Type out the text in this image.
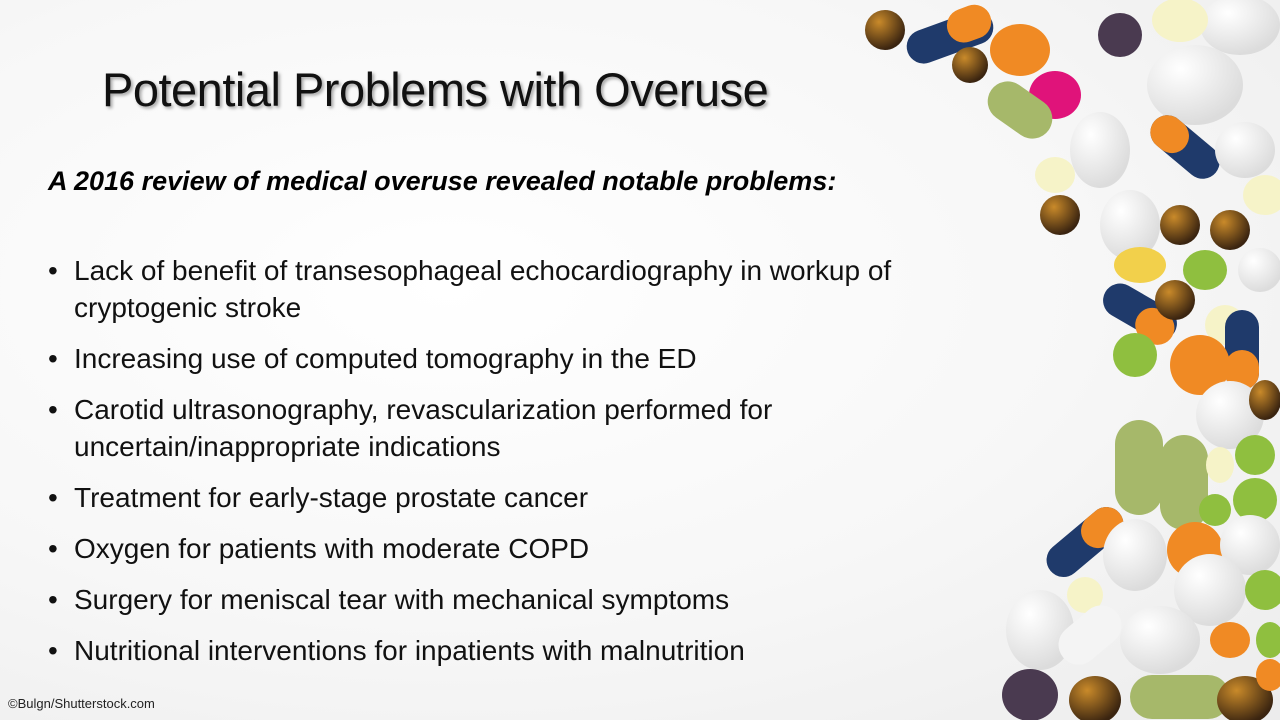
Potential Problems with Overuse

A 2016 review of medical overuse revealed notable problems:

• Lack of benefit of transesophageal echocardiography in workup of cryptogenic stroke
• Increasing use of computed tomography in the ED
• Carotid ultrasonography, revascularization performed for uncertain/inappropriate indications
• Treatment for early-stage prostate cancer
• Oxygen for patients with moderate COPD
• Surgery for meniscal tear with mechanical symptoms
• Nutritional interventions for inpatients with malnutrition
©Bulgn/Shutterstock.com
